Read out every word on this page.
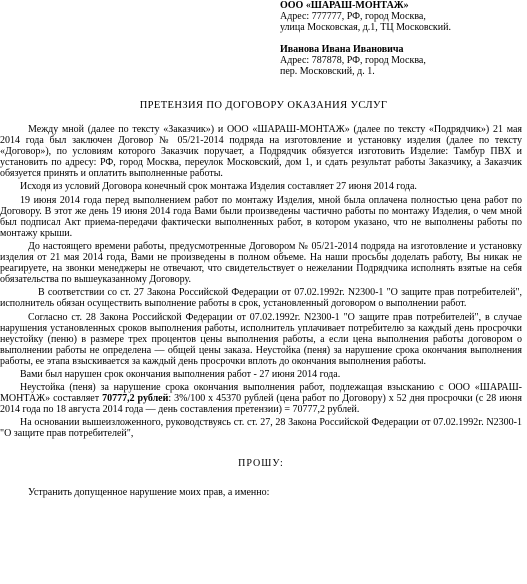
ООО «ШАРАШ-МОНТАЖ»

Адрес: 777777, РФ, город Москва,

улица Московская, д.1, ТЦ Московский.

Иванова Ивана Ивановича

Адрес: 787878, РФ, город Москва,

пер. Московский, д. 1.

ПРЕТЕНЗИЯ ПО ДОГОВОРУ ОКАЗАНИЯ УСЛУГ

Между мной (далее по тексту «Заказчик») и ООО «ШАРАШ-МОНТАЖ» (далее по тексту «Подрядчик») 21 мая 2014 года был заключен Договор № 05/21-2014 подряда на изготовление и установку изделия (далее по тексту «Договор»), по условиям которого Заказчик поручает, а Подрядчик обязуется изготовить Изделие: Тамбур ПВХ и установить по адресу: РФ, город Москва, переулок Московский, дом 1, и сдать результат работы Заказчику, а Заказчик обязуется принять и оплатить выполненные работы.

Исходя из условий Договора конечный срок монтажа Изделия составляет 27 июня 2014 года.

19 июня 2014 года перед выполнением работ по монтажу Изделия, мной была оплачена полностью цена работ по Договору. В этот же день 19 июня 2014 года Вами были произведены частично работы по монтажу Изделия, о чем мной был подписал Акт приема-передачи фактически выполненных работ, в котором указано, что не выполнены работы по монтажу крыши.

До настоящего времени работы, предусмотренные Договором № 05/21-2014 подряда на изготовление и установку изделия от 21 мая 2014 года, Вами не произведены в полном объеме. На наши просьбы доделать работу, Вы никак не реагируете, на звонки менеджеры не отвечают, что свидетельствует о нежелании Подрядчика исполнять взятые на себя обязательства по вышеуказанному Договору.

В соответствии со ст. 27 Закона Российской Федерации от 07.02.1992г. N2300-1 "О защите прав потребителей", исполнитель обязан осуществить выполнение работы в срок, установленный договором о выполнении работ.

Согласно ст. 28 Закона Российской Федерации от 07.02.1992г. N2300-1 "О защите прав потребителей", в случае нарушения установленных сроков выполнения работы, исполнитель уплачивает потребителю за каждый день просрочки неустойку (пеню) в размере трех процентов цены выполнения работы, а если цена выполнения работы договором о выполнении работы не определена — общей цены заказа. Неустойка (пеня) за нарушение срока окончания выполнения работы, ее этапа взыскивается за каждый день просрочки вплоть до окончания выполнения работы.

Вами был нарушен срок окончания выполнения работ - 27 июня 2014 года.

Неустойка (пеня) за нарушение срока окончания выполнения работ, подлежащая взысканию с ООО «ШАРАШ-МОНТАЖ» составляет 70777,2 рублей: 3%/100 х 45370 рублей (цена работ по Договору) х 52 дня просрочки (с 28 июня 2014 года по 18 августа 2014 года — день составления претензии) = 70777,2 рублей.

На основании вышеизложенного, руководствуясь ст. ст. 27, 28 Закона Российской Федерации от 07.02.1992г. N2300-1 "О защите прав потребителей",

ПРОШУ:

Устранить допущенное нарушение моих прав, а именно:
